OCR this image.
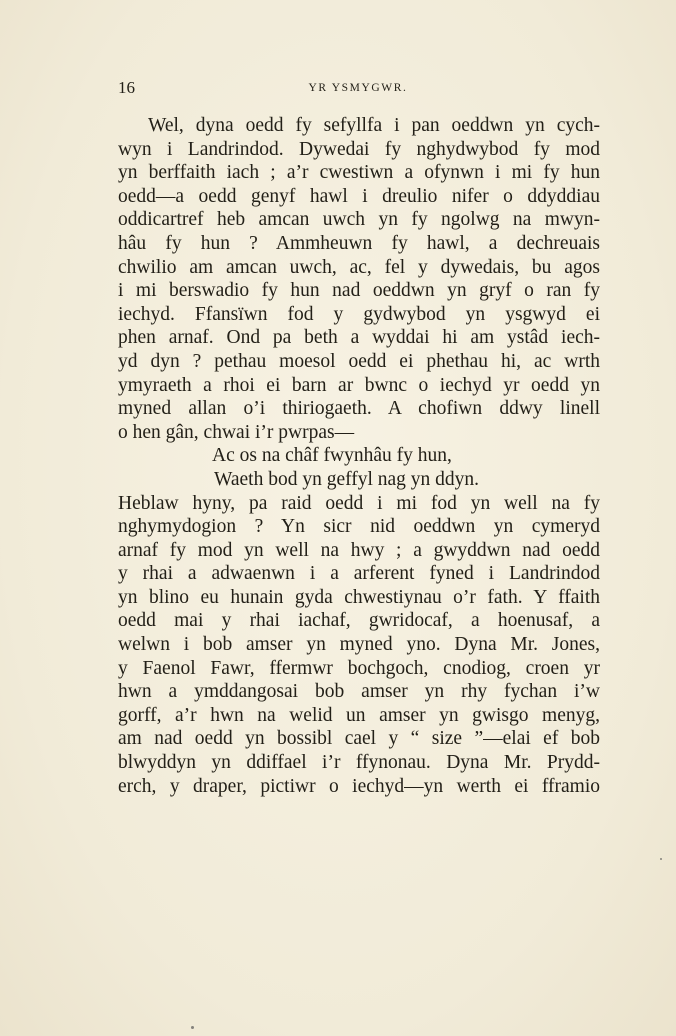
16	YR YSMYGWR.
Wel, dyna oedd fy sefyllfa i pan oeddwn yn cych-
wyn i Landrindod. Dywedai fy nghydwybod fy mod
yn berffaith iach ; a’r cwestiwn a ofynwn i mi fy hun
oedd—a oedd genyf hawl i dreulio nifer o ddyddiau
oddicartref heb amcan uwch yn fy ngolwg na mwyn-
hâu fy hun ? Ammheuwn fy hawl, a dechreuais
chwilio am amcan uwch, ac, fel y dywedais, bu agos
i mi berswadio fy hun nad oeddwn yn gryf o ran fy
iechyd. Ffansïwn fod y gydwybod yn ysgwyd ei
phen arnaf. Ond pa beth a wyddai hi am ystâd iech-
yd dyn ? pethau moesol oedd ei phethau hi, ac wrth
ymyraeth a rhoi ei barn ar bwnc o iechyd yr oedd yn
myned allan o’i thiriogaeth. A chofiwn ddwy linell
o hen gân, chwai i’r pwrpas—
Ac os na châf fwynhâu fy hun,
Waeth bod yn geffyl nag yn ddyn.
Heblaw hyny, pa raid oedd i mi fod yn well na fy
nghymydogion ? Yn sicr nid oeddwn yn cymeryd
arnaf fy mod yn well na hwy ; a gwyddwn nad oedd
y rhai a adwaenwn i a arferent fyned i Landrindod
yn blino eu hunain gyda chwestiynau o’r fath. Y ffaith
oedd mai y rhai iachaf, gwridocaf, a hoenusaf, a
welwn i bob amser yn myned yno. Dyna Mr. Jones,
y Faenol Fawr, ffermwr bochgoch, cnodiog, croen yr
hwn a ymddangosai bob amser yn rhy fychan i’w
gorff, a’r hwn na welid un amser yn gwisgo menyg,
am nad oedd yn bossibl cael y “ size ”—elai ef bob
blwyddyn yn ddiffael i’r ffynonau. Dyna Mr. Prydd-
erch, y draper, pictiwr o iechyd—yn werth ei fframio
